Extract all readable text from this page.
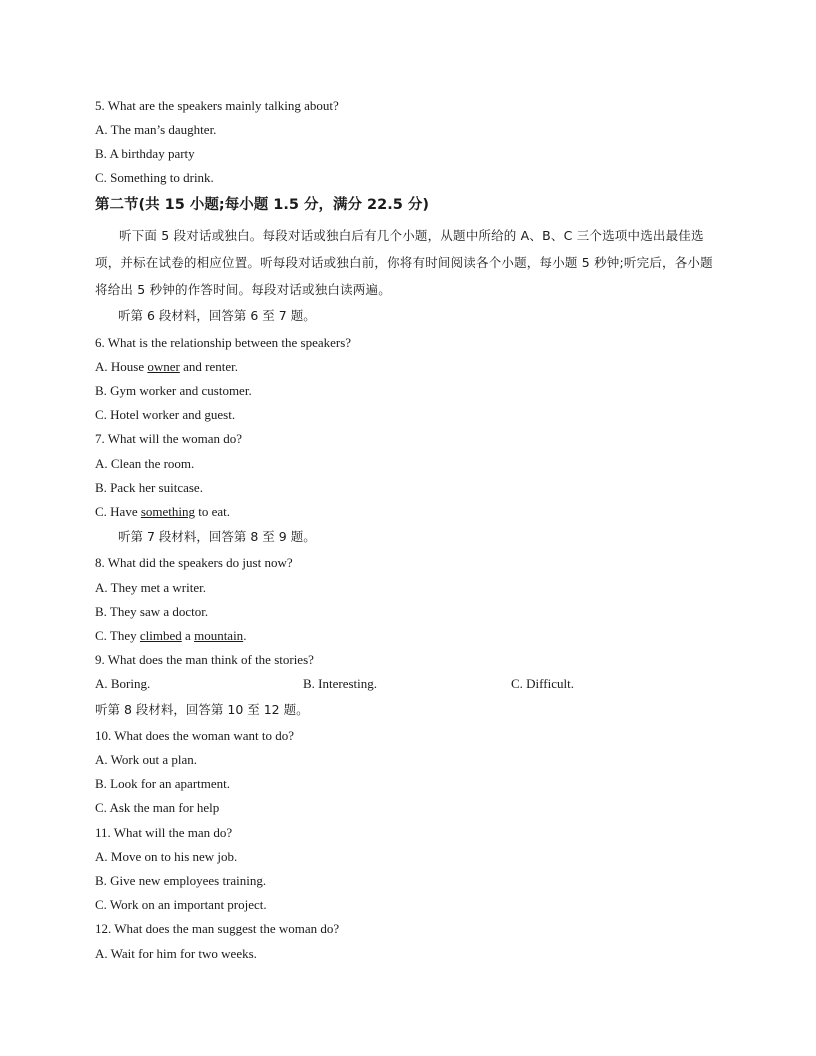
5. What are the speakers mainly talking about?
A. The man’s daughter.
B. A birthday party
C. Something to drink.
第二节(共 15 小题;每小题 1.5 分，满分 22.5 分)
听下面 5 段对话或独白。每段对话或独白后有几个小题，从题中所给的 A、B、C 三个选项中选出最佳选项，并标在试卷的相应位置。听每段对话或独白前，你将有时间阅读各个小题，每小题 5 秒钟;听完后，各小题将给出 5 秒钟的作答时间。每段对话或独白读两遍。
听第 6 段材料，回答第 6 至 7 题。
6. What is the relationship between the speakers?
A. House owner and renter.
B. Gym worker and customer.
C. Hotel worker and guest.
7. What will the woman do?
A. Clean the room.
B. Pack her suitcase.
C. Have something to eat.
听第 7 段材料，回答第 8 至 9 题。
8. What did the speakers do just now?
A. They met a writer.
B. They saw a doctor.
C. They climbed a mountain.
9. What does the man think of the stories?
A. Boring.	B. Interesting.	C. Difficult.
听第 8 段材料，回答第 10 至 12 题。
10. What does the woman want to do?
A. Work out a plan.
B. Look for an apartment.
C. Ask the man for help
11. What will the man do?
A. Move on to his new job.
B. Give new employees training.
C. Work on an important project.
12. What does the man suggest the woman do?
A. Wait for him for two weeks.
